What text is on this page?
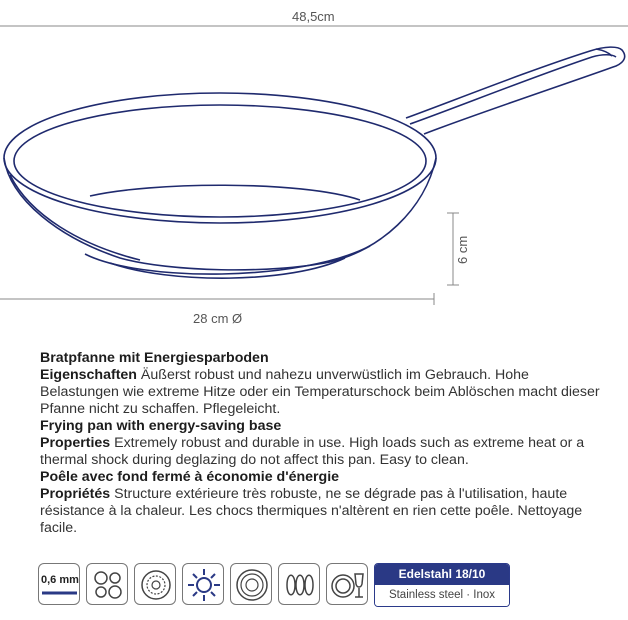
48,5cm
28 cm Ø
6 cm
Bratpfanne mit Energiesparboden
Eigenschaften Äußerst robust und nahezu unverwüstlich im Gebrauch. Hohe Belastungen wie extreme Hitze oder ein Temperaturschock beim Ablöschen macht dieser Pfanne nicht zu schaffen. Pflegeleicht.
Frying pan with energy-saving base
Properties Extremely robust and durable in use. High loads such as extreme heat or a thermal shock during deglazing do not affect this pan. Easy to clean.
Poêle avec fond fermé à économie d'énergie
Propriétés Structure extérieure très robuste, ne se dégrade pas à l'utilisation, haute résistance à la chaleur. Les chocs thermiques n'altèrent en rien cette poêle. Nettoyage facile.
0,6 mm	Edelstahl 18/10
Stainless steel · Inox
